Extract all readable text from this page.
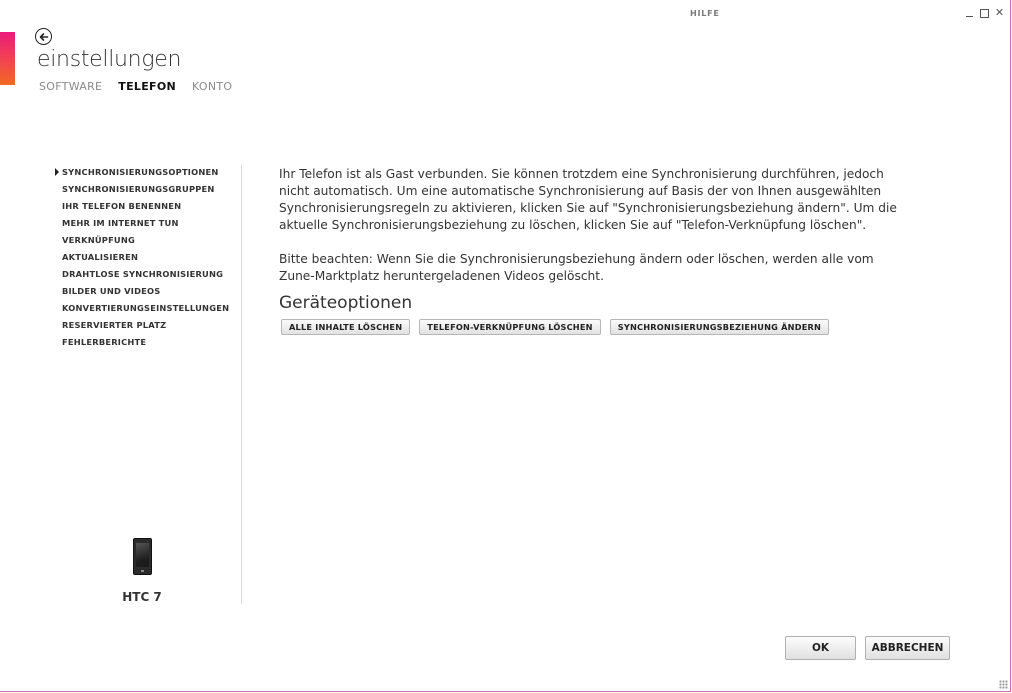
HILFE	✕
einstellungen
SOFTWARE TELEFON KONTO
SYNCHRONISIERUNGSOPTIONEN
SYNCHRONISIERUNGSGRUPPEN
IHR TELEFON BENENNEN
MEHR IM INTERNET TUN
VERKNÜPFUNG
AKTUALISIEREN
DRAHTLOSE SYNCHRONISIERUNG
BILDER UND VIDEOS
KONVERTIERUNGSEINSTELLUNGEN
RESERVIERTER PLATZ
FEHLERBERICHTE
HTC 7

Ihr Telefon ist als Gast verbunden. Sie können trotzdem eine Synchronisierung durchführen, jedoch nicht automatisch. Um eine automatische Synchronisierung auf Basis der von Ihnen ausgewählten Synchronisierungsregeln zu aktivieren, klicken Sie auf "Synchronisierungsbeziehung ändern". Um die aktuelle Synchronisierungsbeziehung zu löschen, klicken Sie auf "Telefon-Verknüpfung löschen".

Bitte beachten: Wenn Sie die Synchronisierungsbeziehung ändern oder löschen, werden alle vom Zune-Marktplatz heruntergeladenen Videos gelöscht.

Geräteoptionen
ALLE INHALTE LÖSCHEN	TELEFON-VERKNÜPFUNG LÖSCHEN	SYNCHRONISIERUNGSBEZIEHUNG ÄNDERN
OK	ABBRECHEN
